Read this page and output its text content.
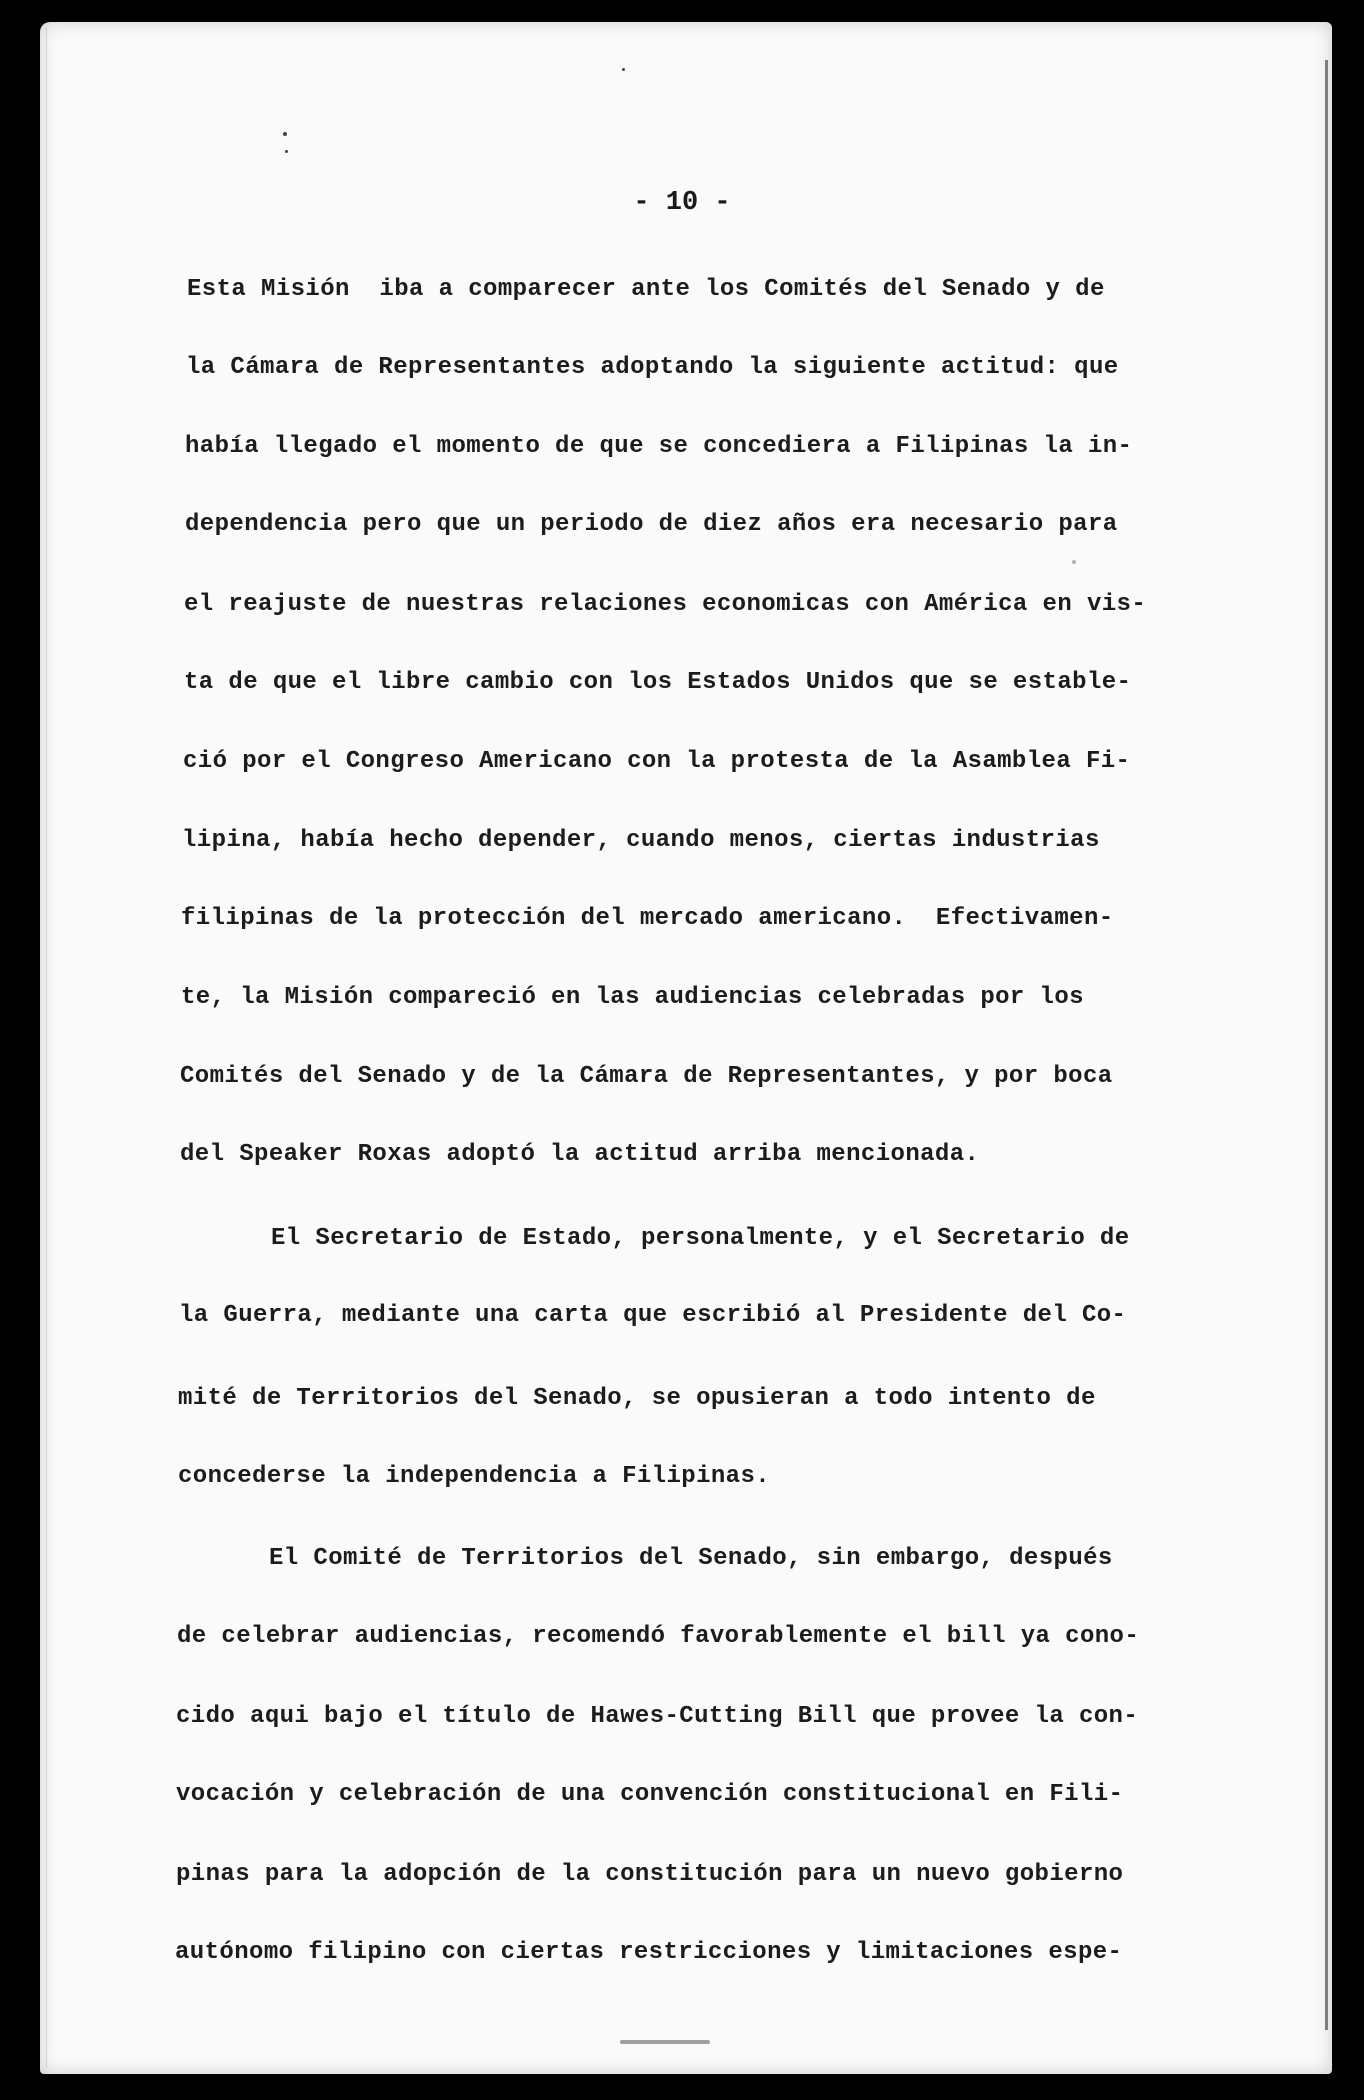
- 10 -

Esta Misión  iba a comparecer ante los Comités del Senado y de

la Cámara de Representantes adoptando la siguiente actitud: que

había llegado el momento de que se concediera a Filipinas la in-

dependencia pero que un periodo de diez años era necesario para

el reajuste de nuestras relaciones economicas con América en vis-

ta de que el libre cambio con los Estados Unidos que se estable-

ció por el Congreso Americano con la protesta de la Asamblea Fi-

lipina, había hecho depender, cuando menos, ciertas industrias

filipinas de la protección del mercado americano.  Efectivamen-

te, la Misión compareció en las audiencias celebradas por los

Comités del Senado y de la Cámara de Representantes, y por boca

del Speaker Roxas adoptó la actitud arriba mencionada.

El Secretario de Estado, personalmente, y el Secretario de

la Guerra, mediante una carta que escribió al Presidente del Co-

mité de Territorios del Senado, se opusieran a todo intento de

concederse la independencia a Filipinas.

El Comité de Territorios del Senado, sin embargo, después

de celebrar audiencias, recomendó favorablemente el bill ya cono-

cido aqui bajo el título de Hawes-Cutting Bill que provee la con-

vocación y celebración de una convención constitucional en Fili-

pinas para la adopción de la constitución para un nuevo gobierno

autónomo filipino con ciertas restricciones y limitaciones espe-
